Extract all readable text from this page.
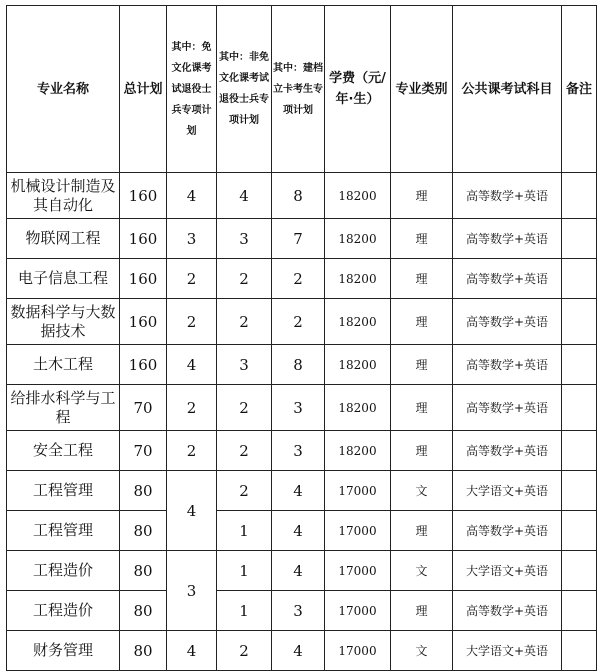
专业名称	总计划	其中：免文化课考试退役士兵专项计划	其中：非免文化课考试退役士兵专项计划	其中：建档立卡考生专项计划	学费（元/年·生）	专业类别	公共课考试科目	备注
机械设计制造及其自动化	160	4	4	8	18200	理	高等数学+英语	
物联网工程	160	3	3	7	18200	理	高等数学+英语	
电子信息工程	160	2	2	2	18200	理	高等数学+英语	
数据科学与大数据技术	160	2	2	2	18200	理	高等数学+英语	
土木工程	160	4	3	8	18200	理	高等数学+英语	
给排水科学与工程	70	2	2	3	18200	理	高等数学+英语	
安全工程	70	2	2	3	18200	理	高等数学+英语	
工程管理	80	4	2	4	17000	文	大学语文+英语	
工程管理	80		1	4	17000	理	高等数学+英语	
工程造价	80	3	1	4	17000	文	大学语文+英语	
工程造价	80		1	3	17000	理	高等数学+英语	
财务管理	80	4	2	4	17000	文	大学语文+英语	
